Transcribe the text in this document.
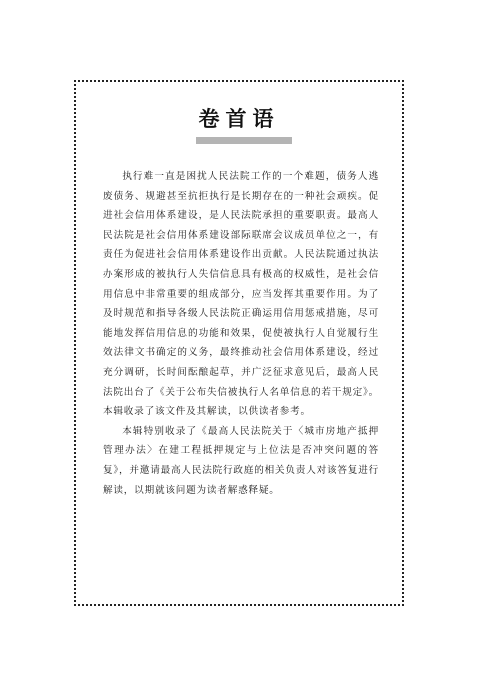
卷首语

执行难一直是困扰人民法院工作的一个难题，债务人逃废债务、规避甚至抗拒执行是长期存在的一种社会顽疾。促进社会信用体系建设，是人民法院承担的重要职责。最高人民法院是社会信用体系建设部际联席会议成员单位之一，有责任为促进社会信用体系建设作出贡献。人民法院通过执法办案形成的被执行人失信信息具有极高的权威性，是社会信用信息中非常重要的组成部分，应当发挥其重要作用。为了及时规范和指导各级人民法院正确运用信用惩戒措施，尽可能地发挥信用信息的功能和效果，促使被执行人自觉履行生效法律文书确定的义务，最终推动社会信用体系建设，经过充分调研，长时间酝酿起草，并广泛征求意见后，最高人民法院出台了《关于公布失信被执行人名单信息的若干规定》。本辑收录了该文件及其解读，以供读者参考。

本辑特别收录了《最高人民法院关于〈城市房地产抵押管理办法〉在建工程抵押规定与上位法是否冲突问题的答复》，并邀请最高人民法院行政庭的相关负责人对该答复进行解读，以期就该问题为读者解惑释疑。
